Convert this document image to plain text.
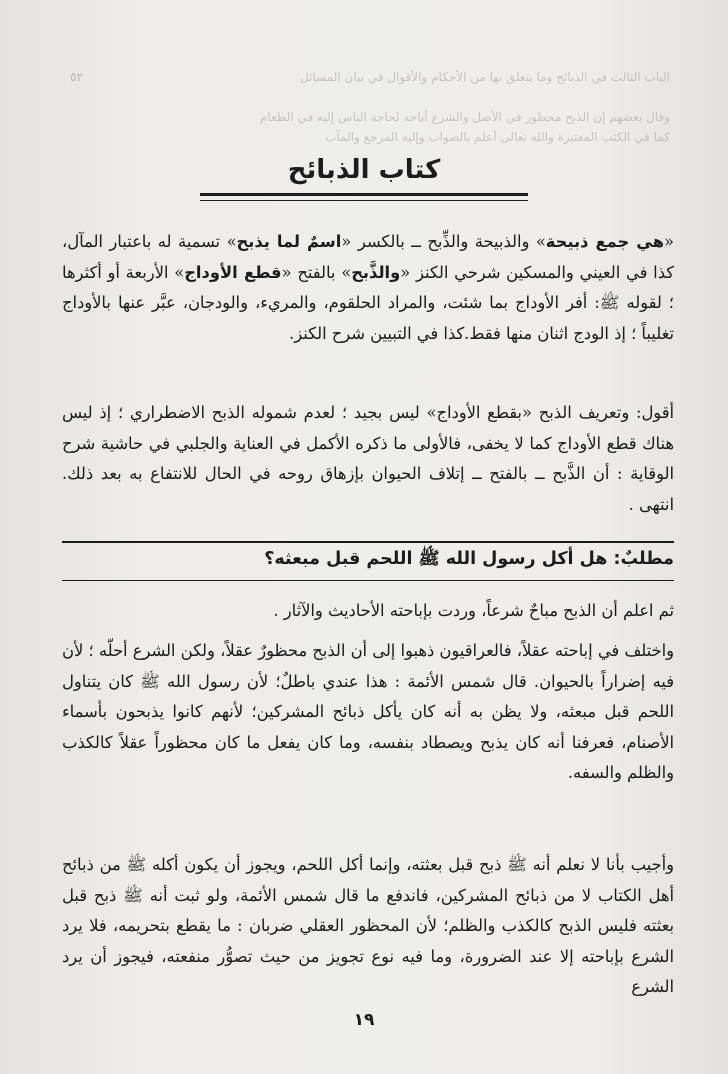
٥٢	الباب الثالث في الذبائح وما يتعلق بها من الأحكام والأقوال في بيان المسائل
وقال بعضهم إن الذبح محظور في الأصل والشرع أباحه لحاجة الناس إليه في الطعام
كما في الكتب المعتبرة والله تعالى أعلم بالصواب وإليه المرجع والمآب
كتاب الذبائح
«هي جمع ذبيحة» والذبيحة والذِّبح ــ بالكسر «اسمٌ لما يذبح» تسمية له باعتبار المآل، كذا في العيني والمسكين شرحي الكنز «والذَّبح» بالفتح «قطع الأوداج» الأربعة أو أكثرها ؛ لقوله ﷺ: أفر الأوداج بما شئت، والمراد الحلقوم، والمريء، والودجان، عبَّر عنها بالأوداج تغليباً ؛ إذ الودج اثنان منها فقط.كذا في التبيين شرح الكنز.
أقول: وتعريف الذبح «بقطع الأوداج» ليس بجيد ؛ لعدم شموله الذبح الاضطراري ؛ إذ ليس هناك قطع الأوداج كما لا يخفى، فالأولى ما ذكره الأكمل في العناية والجلبي في حاشية شرح الوقاية : أن الذَّبح ــ بالفتح ــ إتلاف الحيوان بإزهاق روحه في الحال للانتفاع به بعد ذلك. انتهى .
مطلبٌ: هل أكل رسول الله ﷺ اللحم قبل مبعثه؟
ثم اعلم أن الذبح مباحٌ شرعاً، وردت بإباحته الأحاديث والآثار .
واختلف في إباحته عقلاً، فالعراقيون ذهبوا إلى أن الذبح محظورٌ عقلاً، ولكن الشرع أحلّه ؛ لأن فيه إضراراً بالحيوان. قال شمس الأئمة : هذا عندي باطلٌ؛ لأن رسول الله ﷺ كان يتناول اللحم قبل مبعثه، ولا يظن به أنه كان يأكل ذبائح المشركين؛ لأنهم كانوا يذبحون بأسماء الأصنام، فعرفنا أنه كان يذبح ويصطاد بنفسه، وما كان يفعل ما كان محظوراً عقلاً كالكذب والظلم والسفه.
وأجيب بأنا لا نعلم أنه ﷺ ذبح قبل بعثته، وإنما أكل اللحم، ويجوز أن يكون أكله ﷺ من ذبائح أهل الكتاب لا من ذبائح المشركين، فاندفع ما قال شمس الأئمة، ولو ثبت أنه ﷺ ذبح قبل بعثته فليس الذبح كالكذب والظلم؛ لأن المحظور العقلي ضربان : ما يقطع بتحريمه، فلا يرد الشرع بإباحته إلا عند الضرورة، وما فيه نوع تجويز من حيث تصوُّر منفعته، فيجوز أن يرد الشرع
١٩
